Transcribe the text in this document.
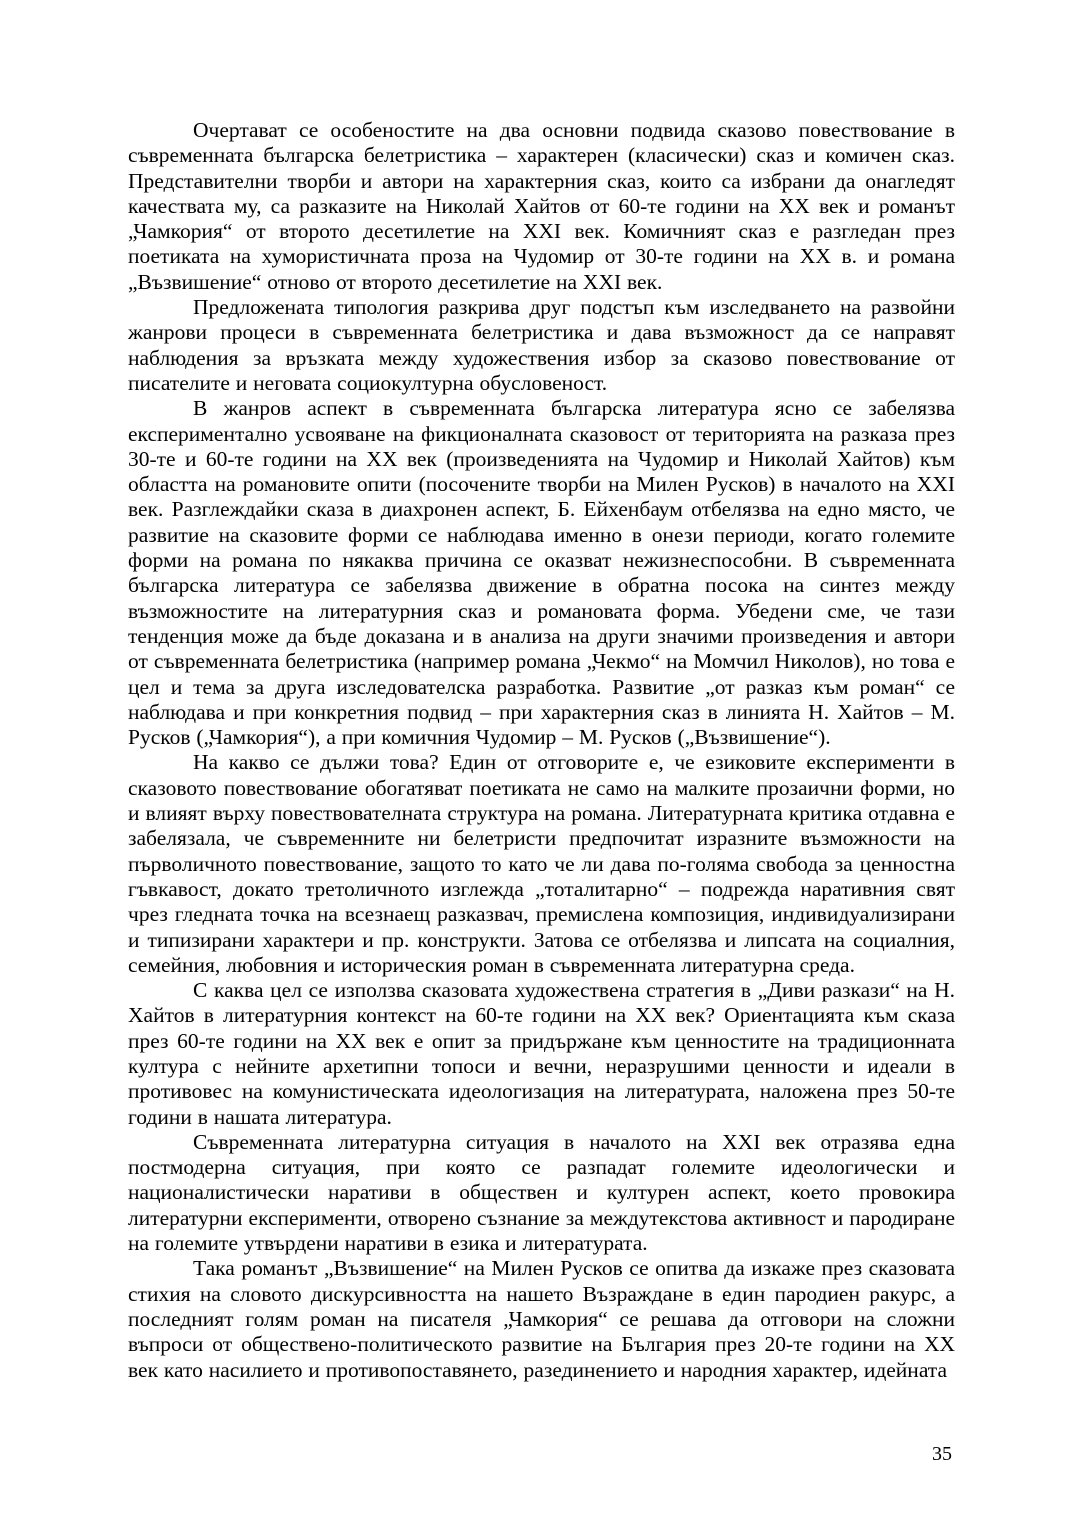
Очертават се особеностите на два основни подвида сказово повествование в съвременната българска белетристика – характерен (класически) сказ и комичен сказ. Представителни творби и автори на характерния сказ, които са избрани да онагледят качествата му, са разказите на Николай Хайтов от 60-те години на XX век и романът „Чамкория“ от второто десетилетие на XXI век. Комичният сказ е разгледан през поетиката на хумористичната проза на Чудомир от 30-те години на XX в. и романа „Възвишение“ отново от второто десетилетие на XXI век.

Предложената типология разкрива друг подстъп към изследването на развойни жанрови процеси в съвременната белетристика и дава възможност да се направят наблюдения за връзката между художествения избор за сказово повествование от писателите и неговата социокултурна обусловеност.

В жанров аспект в съвременната българска литература ясно се забелязва експериментално усвояване на фикционалната сказовост от територията на разказа през 30-те и 60-те години на XX век (произведенията на Чудомир и Николай Хайтов) към областта на романовите опити (посочените творби на Милен Русков) в началото на XXI век. Разглеждайки сказа в диахронен аспект, Б. Ейхенбаум отбелязва на едно място, че развитие на сказовите форми се наблюдава именно в онези периоди, когато големите форми на романа по някаква причина се оказват нежизнеспособни. В съвременната българска литература се забелязва движение в обратна посока на синтез между възможностите на литературния сказ и романовата форма. Убедени сме, че тази тенденция може да бъде доказана и в анализа на други значими произведения и автори от съвременната белетристика (например романа „Чекмо“ на Момчил Николов), но това е цел и тема за друга изследователска разработка. Развитие „от разказ към роман“ се наблюдава и при конкретния подвид – при характерния сказ в линията Н. Хайтов – М. Русков („Чамкория“), а при комичния Чудомир – М. Русков („Възвишение“).

На какво се дължи това? Един от отговорите е, че езиковите експерименти в сказовото повествование обогатяват поетиката не само на малките прозаични форми, но и влияят върху повествователната структура на романа. Литературната критика отдавна е забелязала, че съвременните ни белетристи предпочитат изразните възможности на първоличното повествование, защото то като че ли дава по-голяма свобода за ценностна гъвкавост, докато третоличното изглежда „тоталитарно“ – подрежда наративния свят чрез гледната точка на всезнаещ разказвач, премислена композиция, индивидуализирани и типизирани характери и пр. конструкти. Затова се отбелязва и липсата на социалния, семейния, любовния и историческия роман в съвременната литературна среда.

С каква цел се използва сказовата художествена стратегия в „Диви разкази“ на Н. Хайтов в литературния контекст на 60-те години на XX век? Ориентацията към сказа през 60-те години на XX век е опит за придържане към ценностите на традиционната култура с нейните архетипни топоси и вечни, неразрушими ценности и идеали в противовес на комунистическата идеологизация на литературата, наложена през 50-те години в нашата литература.

Съвременната литературна ситуация в началото на XXI век отразява една постмодерна ситуация, при която се разпадат големите идеологически и националистически наративи в обществен и културен аспект, което провокира литературни експерименти, отворено съзнание за междутекстова активност и пародиране на големите утвърдени наративи в езика и литературата.

Така романът „Възвишение“ на Милен Русков се опитва да изкаже през сказовата стихия на словото дискурсивността на нашето Възраждане в един пародиен ракурс, а последният голям роман на писателя „Чамкория“ се решава да отговори на сложни въпроси от обществено-политическото развитие на България през 20-те години на XX век като насилието и противопоставянето, разединението и народния характер, идейната

35
